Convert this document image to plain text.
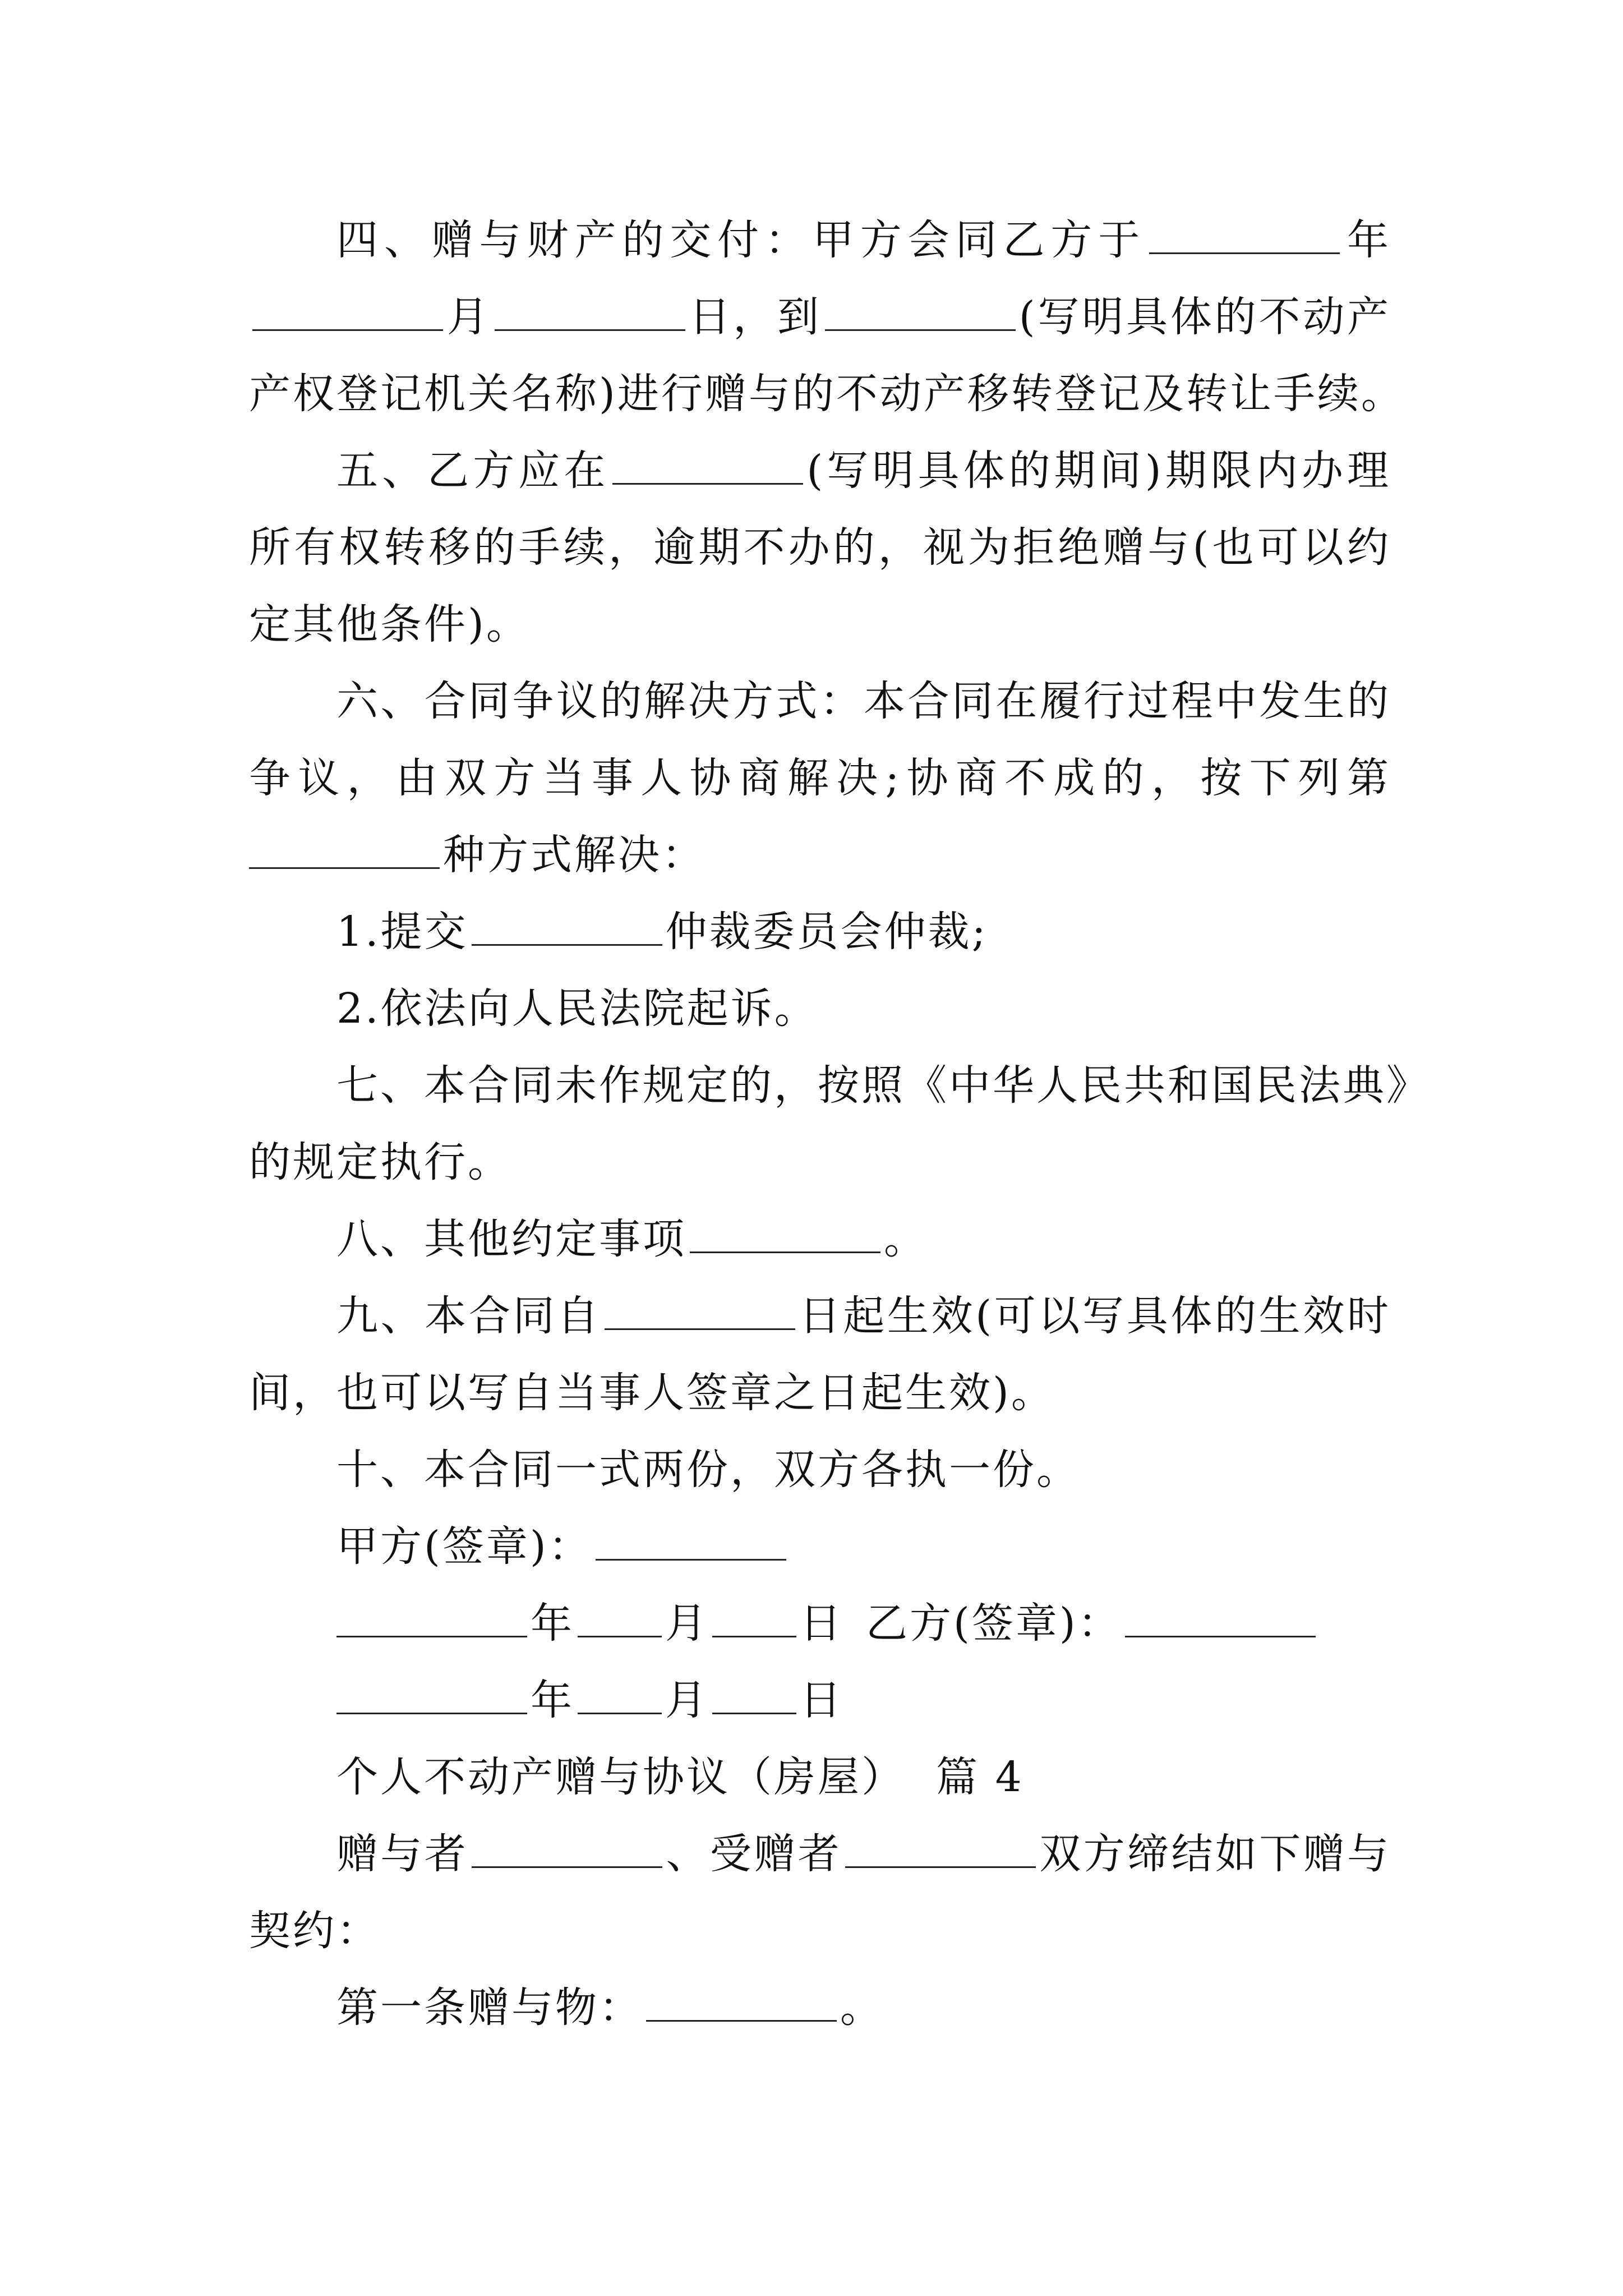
四、赠与财产的交付：甲方会同乙方于	年
月	日，到	(写明具体的不动产
产权登记机关名称)进行赠与的不动产移转登记及转让手续。
五、乙方应在	(写明具体的期间)期限内办理
所有权转移的手续，逾期不办的，视为拒绝赠与(也可以约
定其他条件)。
六、合同争议的解决方式：本合同在履行过程中发生的
争议，由双方当事人协商解决;协商不成的，按下列第
种方式解决：
1.提交	仲裁委员会仲裁;
2.依法向人民法院起诉。
七、本合同未作规定的，按照《中华人民共和国民法典》
的规定执行。
八、其他约定事项	。
九、本合同自	日起生效(可以写具体的生效时
间，也可以写自当事人签章之日起生效)。
十、本合同一式两份，双方各执一份。
甲方(签章)：
年 月 日 乙方(签章)：
年 月 日
个人不动产赠与协议（房屋）  篇 4
赠与者	、受赠者	双方缔结如下赠与
契约：
第一条赠与物：	。
